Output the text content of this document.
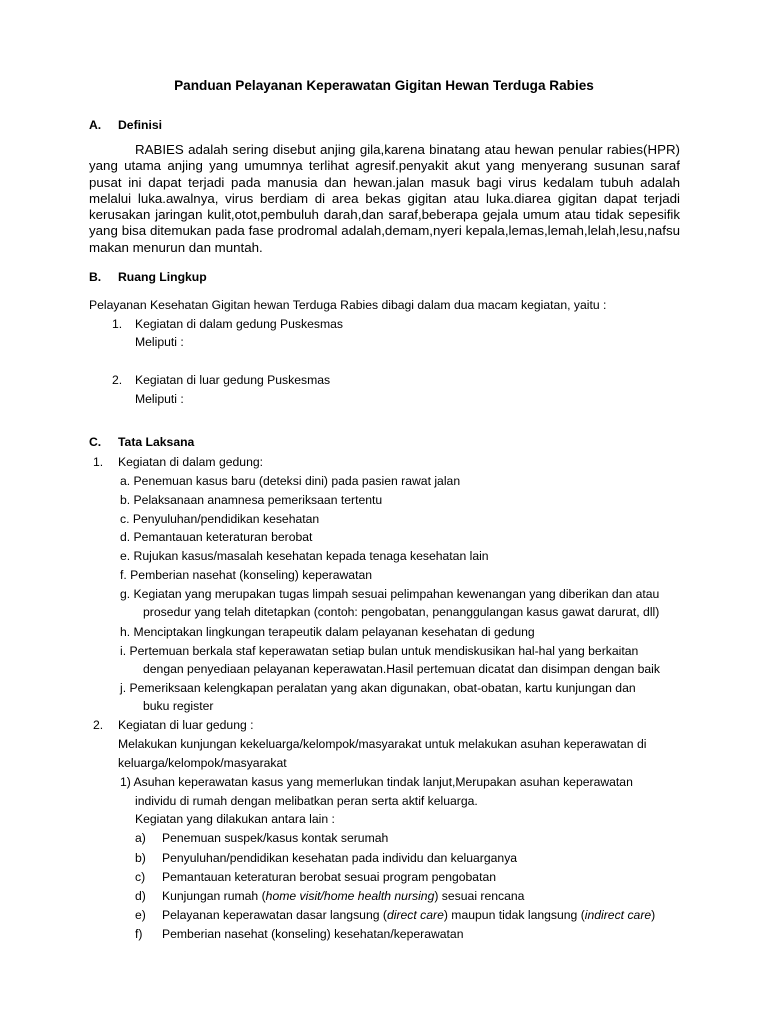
Panduan Pelayanan Keperawatan Gigitan Hewan Terduga Rabies
A. Definisi
RABIES adalah sering disebut anjing gila,karena binatang atau hewan penular rabies(HPR) yang utama anjing yang umumnya terlihat agresif.penyakit akut yang menyerang susunan saraf pusat ini dapat terjadi pada manusia dan hewan.jalan masuk bagi virus kedalam tubuh adalah melalui luka.awalnya, virus berdiam di area bekas gigitan atau luka.diarea gigitan dapat terjadi kerusakan jaringan kulit,otot,pembuluh darah,dan saraf,beberapa gejala umum atau tidak sepesifik yang bisa ditemukan pada fase prodromal adalah,demam,nyeri kepala,lemas,lemah,lelah,lesu,nafsu makan menurun dan muntah.
B. Ruang Lingkup
Pelayanan Kesehatan Gigitan hewan Terduga Rabies dibagi dalam dua macam kegiatan, yaitu :
1. Kegiatan di dalam gedung Puskesmas
Meliputi :
2. Kegiatan di luar gedung Puskesmas
Meliputi :
C. Tata Laksana
1. Kegiatan di dalam gedung:
a. Penemuan kasus baru (deteksi dini) pada pasien rawat jalan
b. Pelaksanaan anamnesa pemeriksaan tertentu
c. Penyuluhan/pendidikan kesehatan
d. Pemantauan keteraturan berobat
e. Rujukan kasus/masalah kesehatan kepada tenaga kesehatan lain
f. Pemberian nasehat (konseling) keperawatan
g. Kegiatan yang merupakan tugas limpah sesuai pelimpahan kewenangan yang diberikan dan atau
prosedur yang telah ditetapkan (contoh: pengobatan, penanggulangan kasus gawat darurat, dll)
h. Menciptakan lingkungan terapeutik dalam pelayanan kesehatan di gedung
i. Pertemuan berkala staf keperawatan setiap bulan untuk mendiskusikan hal-hal yang berkaitan
dengan penyediaan pelayanan keperawatan.Hasil pertemuan dicatat dan disimpan dengan baik
j. Pemeriksaan kelengkapan peralatan yang akan digunakan, obat-obatan, kartu kunjungan dan
buku register
2. Kegiatan di luar gedung :
Melakukan kunjungan kekeluarga/kelompok/masyarakat untuk melakukan asuhan keperawatan di
keluarga/kelompok/masyarakat
1) Asuhan keperawatan kasus yang memerlukan tindak lanjut,Merupakan asuhan keperawatan
individu di rumah dengan melibatkan peran serta aktif keluarga.
Kegiatan yang dilakukan antara lain :
a) Penemuan suspek/kasus kontak serumah
b) Penyuluhan/pendidikan kesehatan pada individu dan keluarganya
c) Pemantauan keteraturan berobat sesuai program pengobatan
d) Kunjungan rumah (home visit/home health nursing) sesuai rencana
e) Pelayanan keperawatan dasar langsung (direct care) maupun tidak langsung (indirect care)
f) Pemberian nasehat (konseling) kesehatan/keperawatan
